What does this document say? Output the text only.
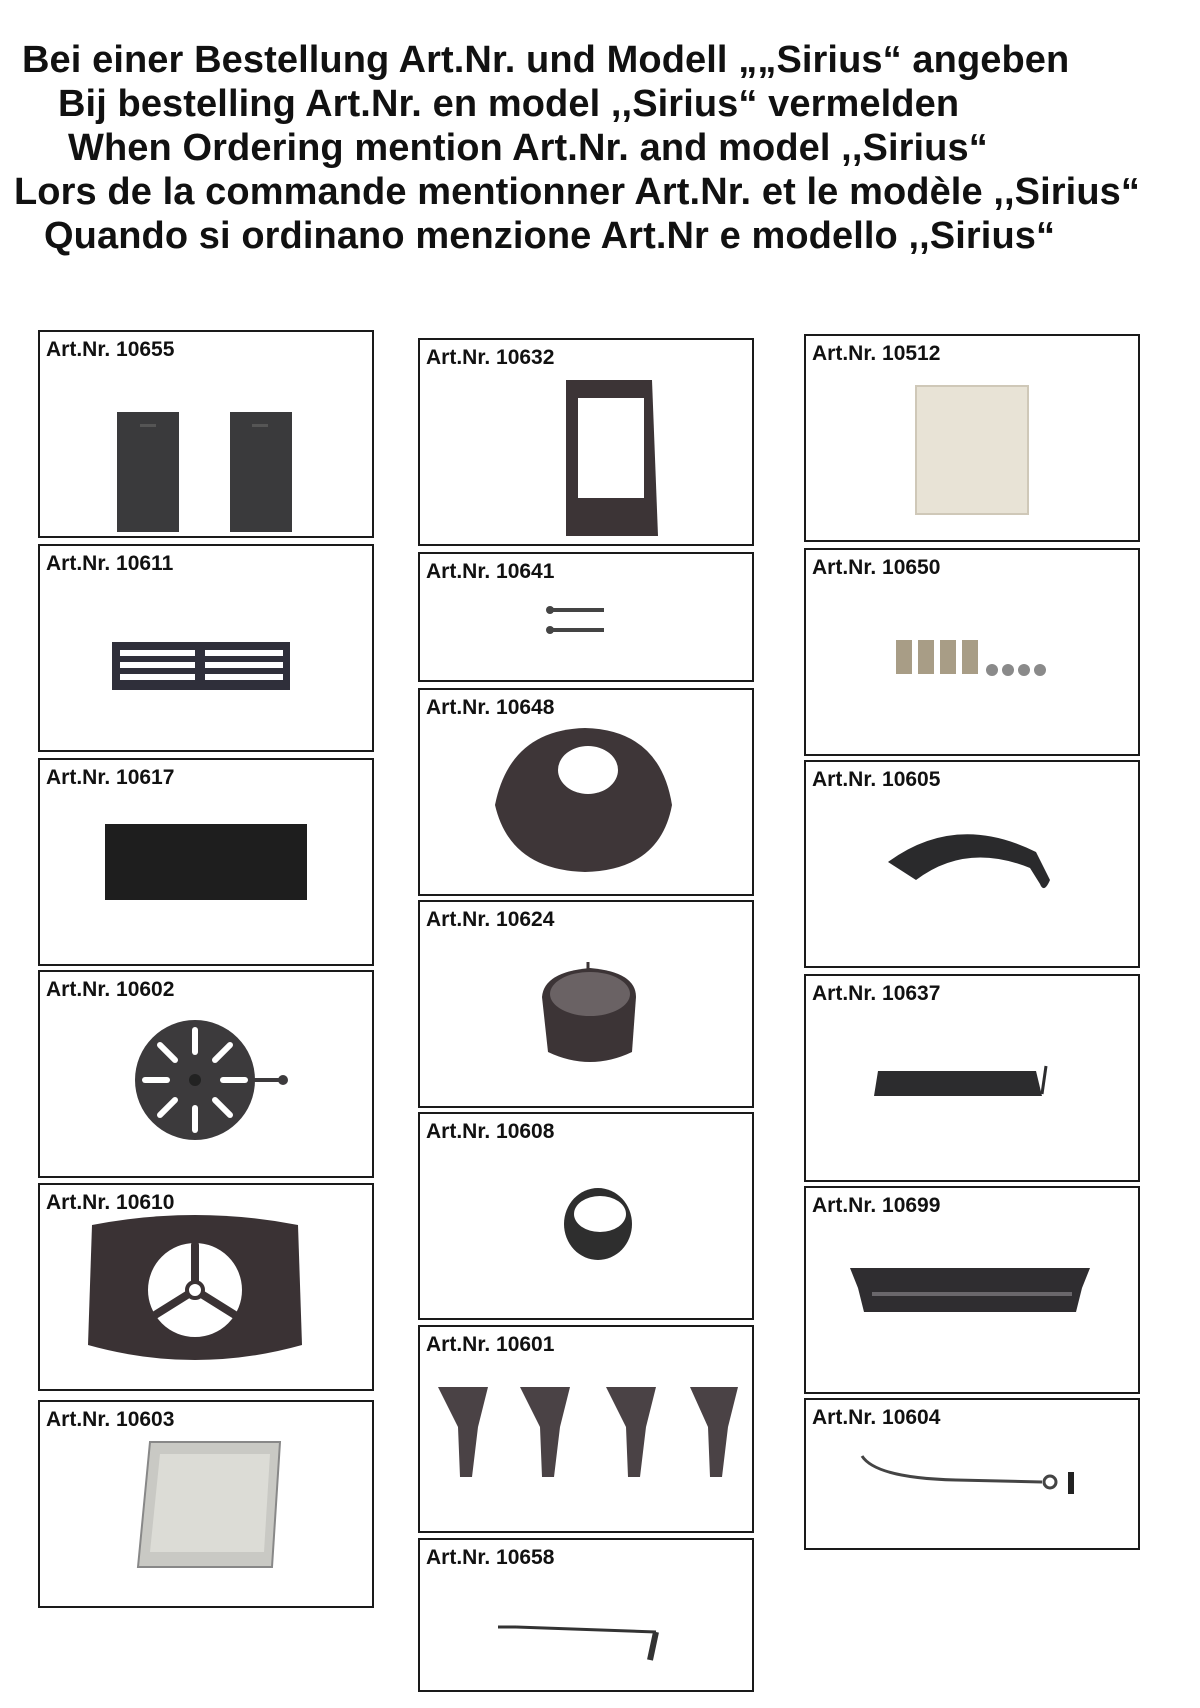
Bei einer Bestellung Art.Nr. und Modell „„Sirius“ angeben
Bij bestelling Art.Nr. en model ,,Sirius“ vermelden
When Ordering mention Art.Nr. and model ,,Sirius“
Lors de la commande mentionner Art.Nr. et le modèle ,,Sirius“
Quando si ordinano menzione Art.Nr e modello ,,Sirius“
Art.Nr. 10655
Art.Nr. 10611
Art.Nr. 10617
Art.Nr. 10602
Art.Nr. 10610
Art.Nr. 10603
Art.Nr. 10632
Art.Nr. 10641
Art.Nr. 10648
Art.Nr. 10624
Art.Nr. 10608
Art.Nr. 10601
Art.Nr. 10658
Art.Nr. 10512
Art.Nr. 10650
Art.Nr. 10605
Art.Nr. 10637
Art.Nr. 10699
Art.Nr. 10604
